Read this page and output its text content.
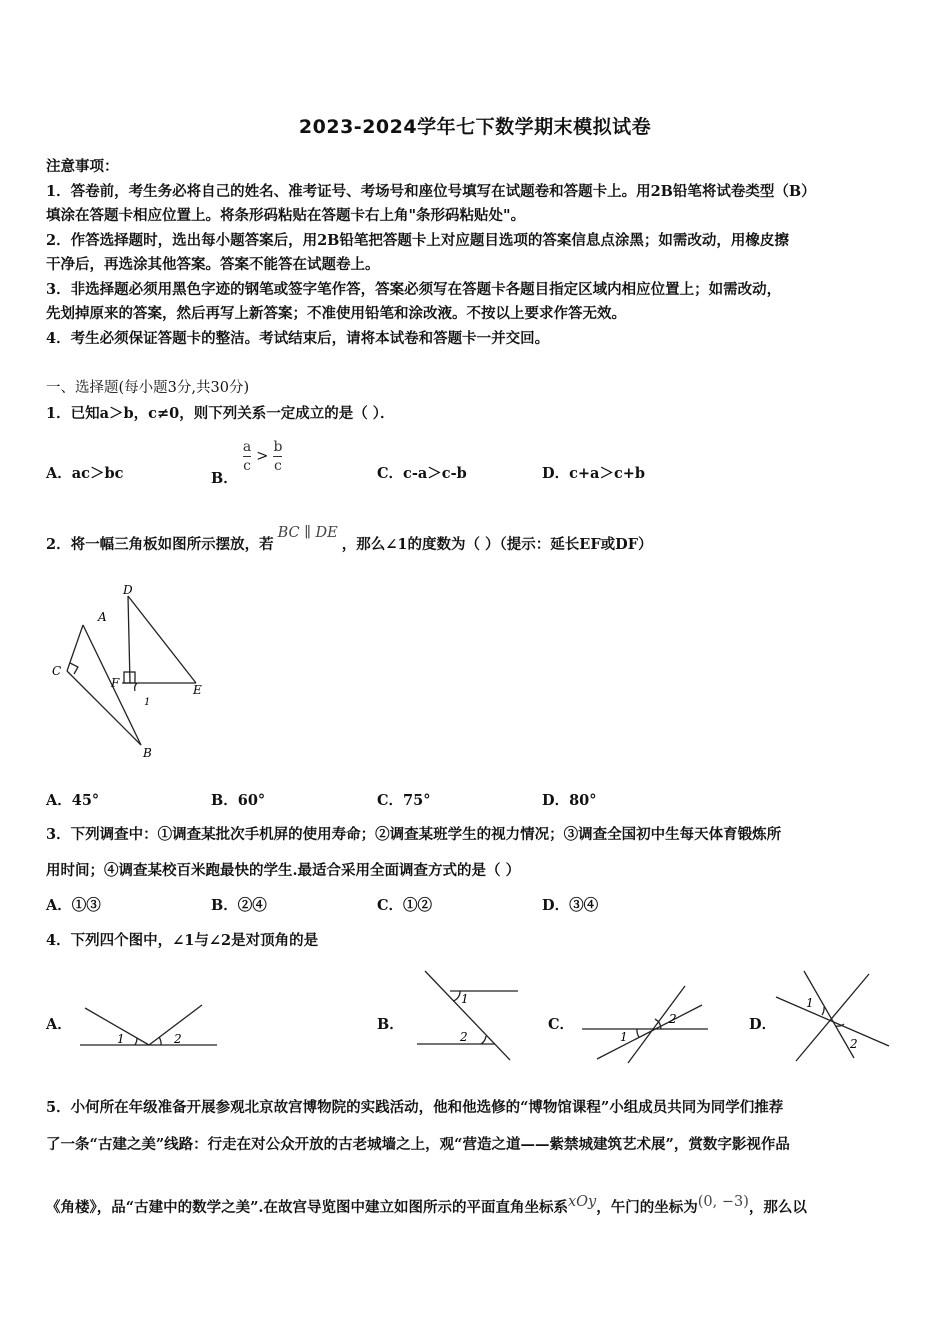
2023-2024学年七下数学期末模拟试卷
注意事项：
1．答卷前，考生务必将自己的姓名、准考证号、考场号和座位号填写在试题卷和答题卡上。用2B铅笔将试卷类型（B）
填涂在答题卡相应位置上。将条形码粘贴在答题卡右上角"条形码粘贴处"。
2．作答选择题时，选出每小题答案后，用2B铅笔把答题卡上对应题目选项的答案信息点涂黑；如需改动，用橡皮擦
干净后，再选涂其他答案。答案不能答在试题卷上。
3．非选择题必须用黑色字迹的钢笔或签字笔作答，答案必须写在答题卡各题目指定区域内相应位置上；如需改动，
先划掉原来的答案，然后再写上新答案；不准使用铅笔和涂改液。不按以上要求作答无效。
4．考生必须保证答题卡的整洁。考试结束后，请将本试卷和答题卡一并交回。
一、选择题(每小题3分,共30分)
1．已知a＞b，c≠0，则下列关系一定成立的是（ ）．
A．ac＞bc	B．
$\frac{a}{c} > \frac{b}{c}$
C．c-a＞c-b	D．c+a＞c+b
2．将一幅三角板如图所示摆放，若BC ∥ DE，那么∠1的度数为（ ）（提示：延长EF或DF）
A
D
C
F	E
1
B
A．45°	B．60°	C．75°	D．80°
3．下列调查中：①调查某批次手机屏的使用寿命；②调查某班学生的视力情况；③调查全国初中生每天体育锻炼所
用时间；④调查某校百米跑最快的学生.最适合采用全面调查方式的是（ ）
A．①③	B．②④	C．①②	D．③④
4．下列四个图中，∠1与∠2是对顶角的是
A．
1	2
B．
1
2
C．
1
2	D．
1
2
5．小何所在年级准备开展参观北京故宫博物院的实践活动，他和他选修的“博物馆课程”小组成员共同为同学们推荐
了一条“古建之美”线路：行走在对公众开放的古老城墙之上，观“营造之道——紫禁城建筑艺术展”，赏数字影视作品
《角楼》，品“古建中的数学之美”.在故宫导览图中建立如图所示的平面直角坐标系xOy，午门的坐标为(0, −3)，那么以
